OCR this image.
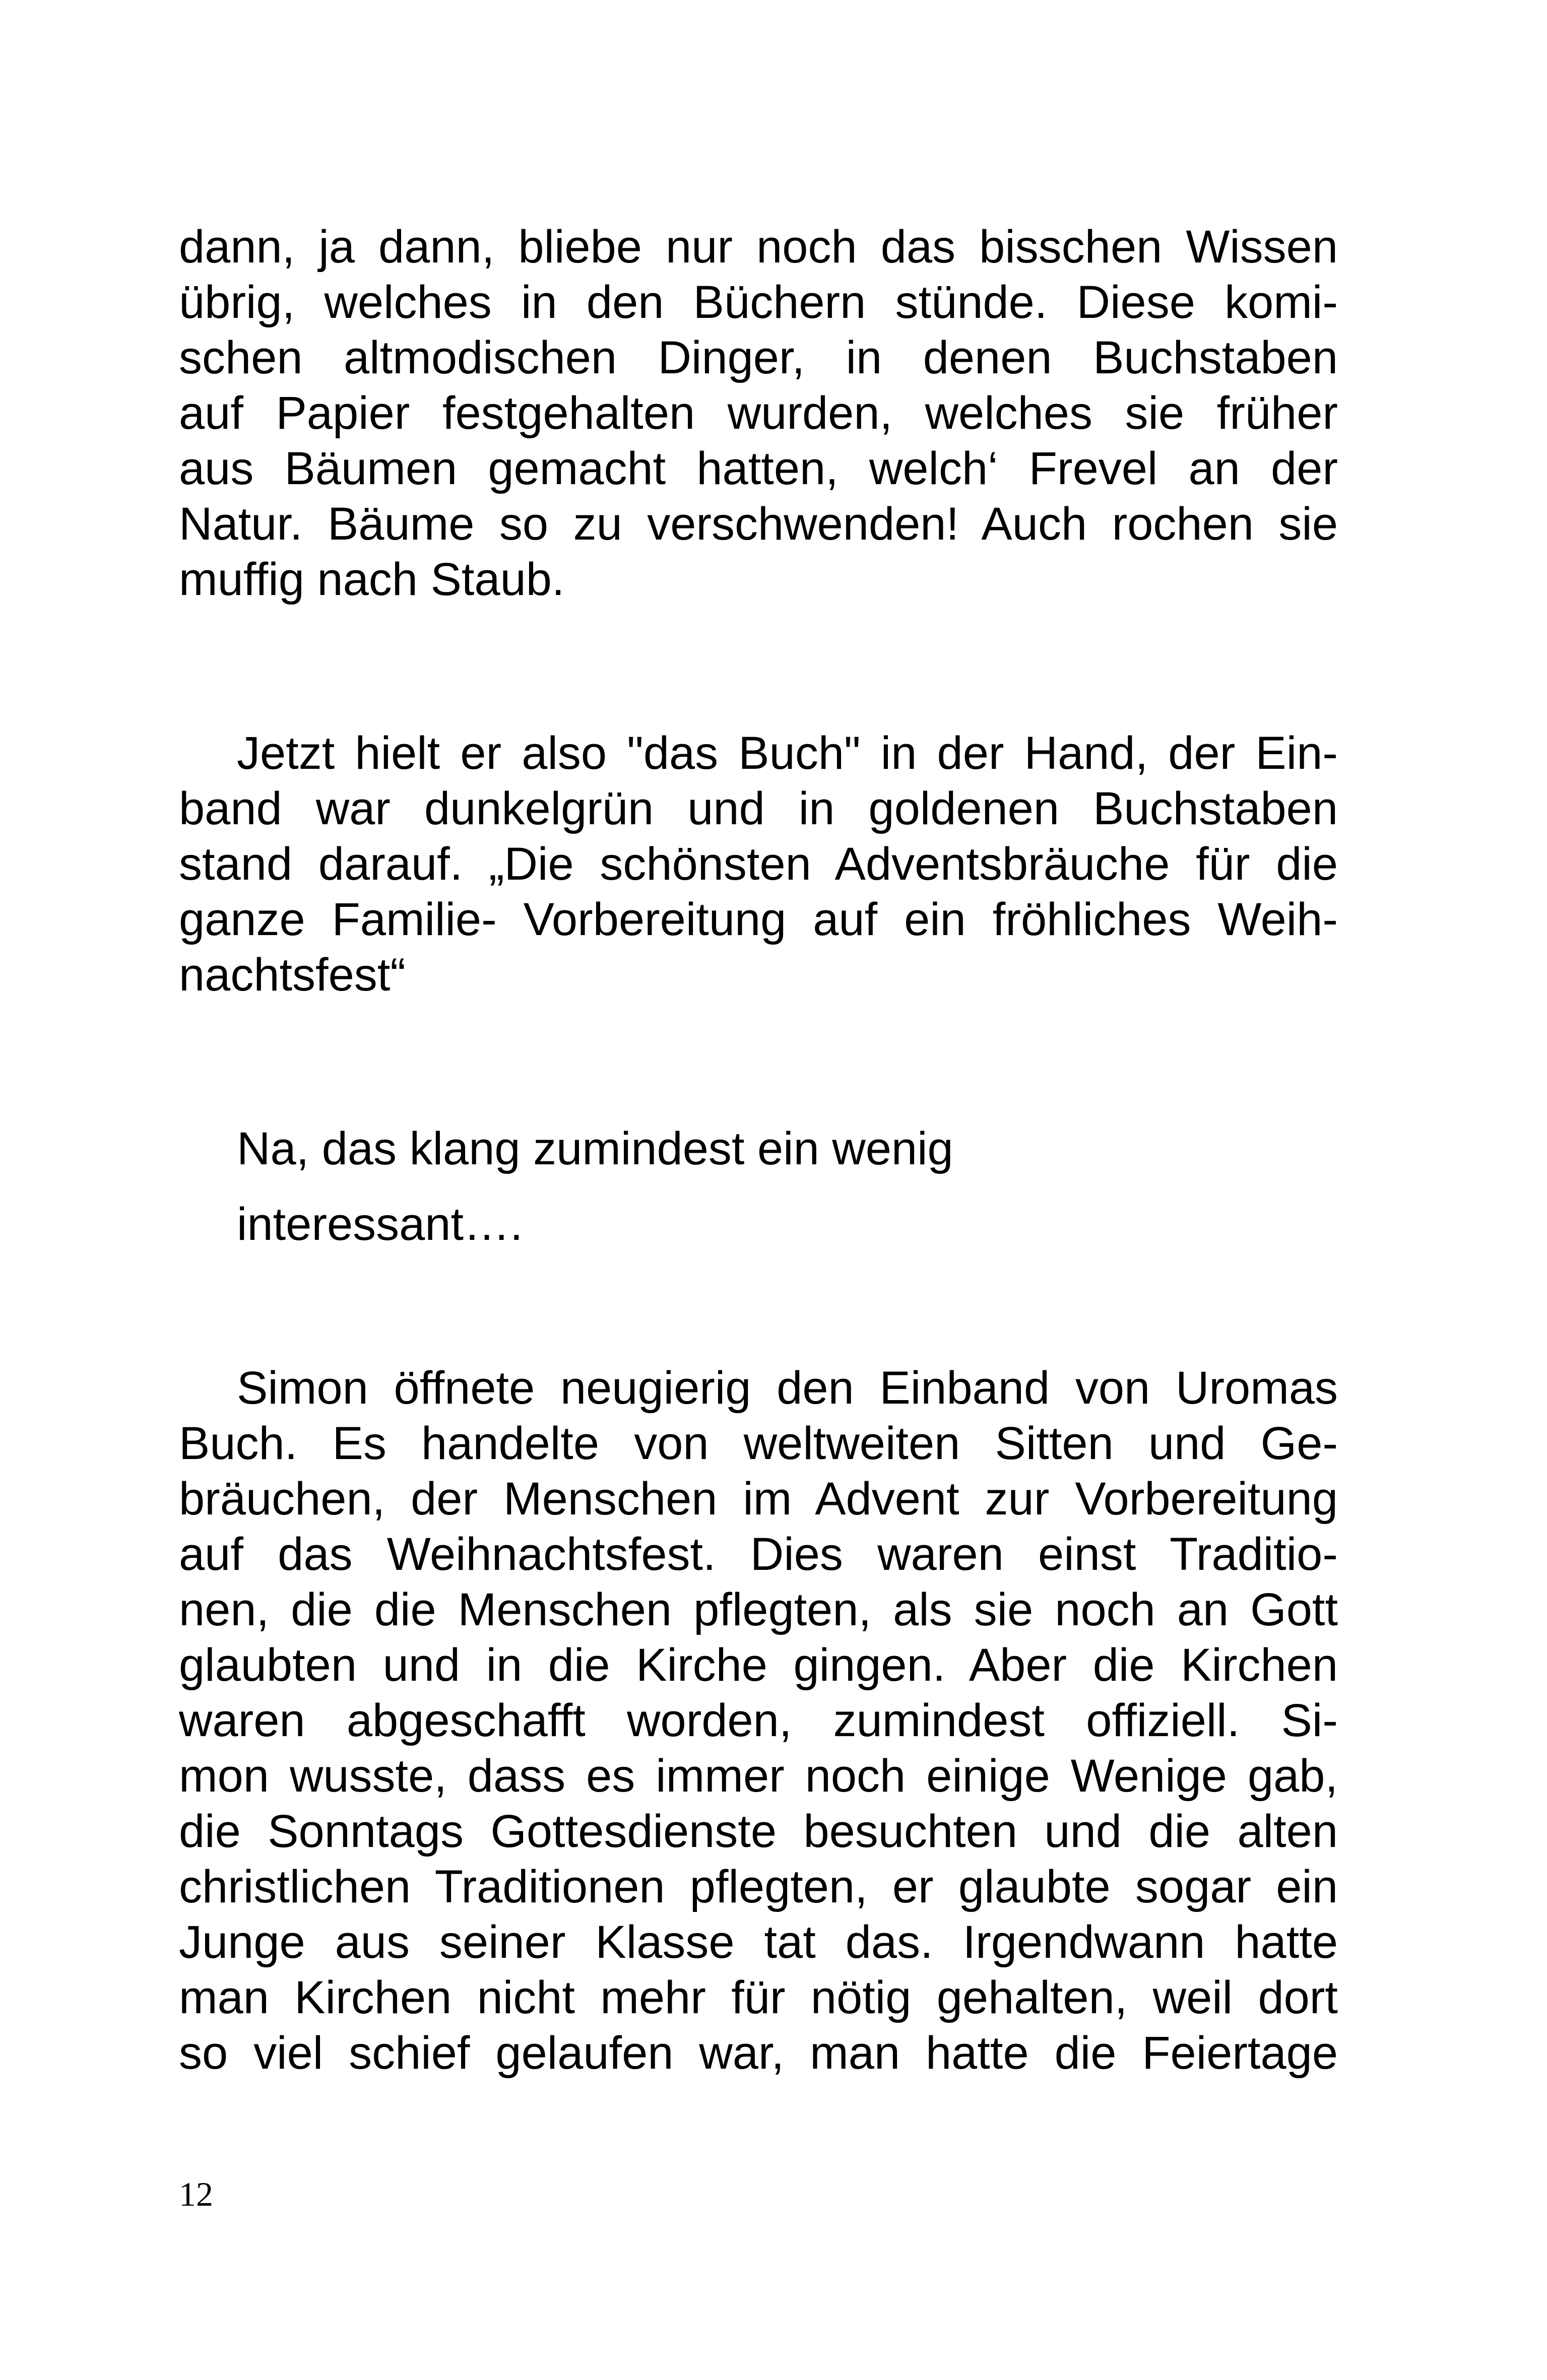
dann, ja dann, bliebe nur noch das bisschen Wissen
übrig, welches in den Büchern stünde. Diese komi-
schen altmodischen Dinger, in denen Buchstaben
auf Papier festgehalten wurden, welches sie früher
aus Bäumen gemacht hatten, welch‘ Frevel an der
Natur. Bäume so zu verschwenden! Auch rochen sie
muffig nach Staub.
Jetzt hielt er also "das Buch" in der Hand, der Ein-
band war dunkelgrün und in goldenen Buchstaben
stand darauf. „Die schönsten Adventsbräuche für die
ganze Familie- Vorbereitung auf ein fröhliches Weih-
nachtsfest“
Na, das klang zumindest ein wenig
interessant….
Simon öffnete neugierig den Einband von Uromas
Buch. Es handelte von weltweiten Sitten und Ge-
bräuchen, der Menschen im Advent zur Vorbereitung
auf das Weihnachtsfest. Dies waren einst Traditio-
nen, die die Menschen pflegten, als sie noch an Gott
glaubten und in die Kirche gingen. Aber die Kirchen
waren abgeschafft worden, zumindest offiziell. Si-
mon wusste, dass es immer noch einige Wenige gab,
die Sonntags Gottesdienste besuchten und die alten
christlichen Traditionen pflegten, er glaubte sogar ein
Junge aus seiner Klasse tat das. Irgendwann hatte
man Kirchen nicht mehr für nötig gehalten, weil dort
so viel schief gelaufen war, man hatte die Feiertage
12
